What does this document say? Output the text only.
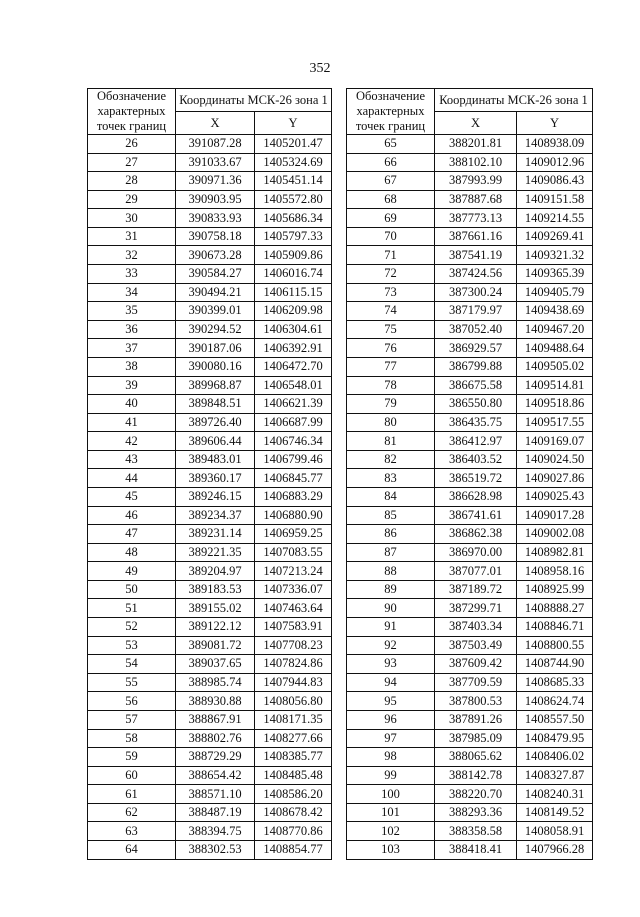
352
Обозначение характерных точек границ	Координаты МСК-26 зона 1	
	X	Y
26	391087.28	1405201.47
27	391033.67	1405324.69
28	390971.36	1405451.14
29	390903.95	1405572.80
30	390833.93	1405686.34
31	390758.18	1405797.33
32	390673.28	1405909.86
33	390584.27	1406016.74
34	390494.21	1406115.15
35	390399.01	1406209.98
36	390294.52	1406304.61
37	390187.06	1406392.91
38	390080.16	1406472.70
39	389968.87	1406548.01
40	389848.51	1406621.39
41	389726.40	1406687.99
42	389606.44	1406746.34
43	389483.01	1406799.46
44	389360.17	1406845.77
45	389246.15	1406883.29
46	389234.37	1406880.90
47	389231.14	1406959.25
48	389221.35	1407083.55
49	389204.97	1407213.24
50	389183.53	1407336.07
51	389155.02	1407463.64
52	389122.12	1407583.91
53	389081.72	1407708.23
54	389037.65	1407824.86
55	388985.74	1407944.83
56	388930.88	1408056.80
57	388867.91	1408171.35
58	388802.76	1408277.66
59	388729.29	1408385.77
60	388654.42	1408485.48
61	388571.10	1408586.20
62	388487.19	1408678.42
63	388394.75	1408770.86
64	388302.53	1408854.77
Обозначение характерных точек границ	Координаты МСК-26 зона 1	
	X	Y
65	388201.81	1408938.09
66	388102.10	1409012.96
67	387993.99	1409086.43
68	387887.68	1409151.58
69	387773.13	1409214.55
70	387661.16	1409269.41
71	387541.19	1409321.32
72	387424.56	1409365.39
73	387300.24	1409405.79
74	387179.97	1409438.69
75	387052.40	1409467.20
76	386929.57	1409488.64
77	386799.88	1409505.02
78	386675.58	1409514.81
79	386550.80	1409518.86
80	386435.75	1409517.55
81	386412.97	1409169.07
82	386403.52	1409024.50
83	386519.72	1409027.86
84	386628.98	1409025.43
85	386741.61	1409017.28
86	386862.38	1409002.08
87	386970.00	1408982.81
88	387077.01	1408958.16
89	387189.72	1408925.99
90	387299.71	1408888.27
91	387403.34	1408846.71
92	387503.49	1408800.55
93	387609.42	1408744.90
94	387709.59	1408685.33
95	387800.53	1408624.74
96	387891.26	1408557.50
97	387985.09	1408479.95
98	388065.62	1408406.02
99	388142.78	1408327.87
100	388220.70	1408240.31
101	388293.36	1408149.52
102	388358.58	1408058.91
103	388418.41	1407966.28
